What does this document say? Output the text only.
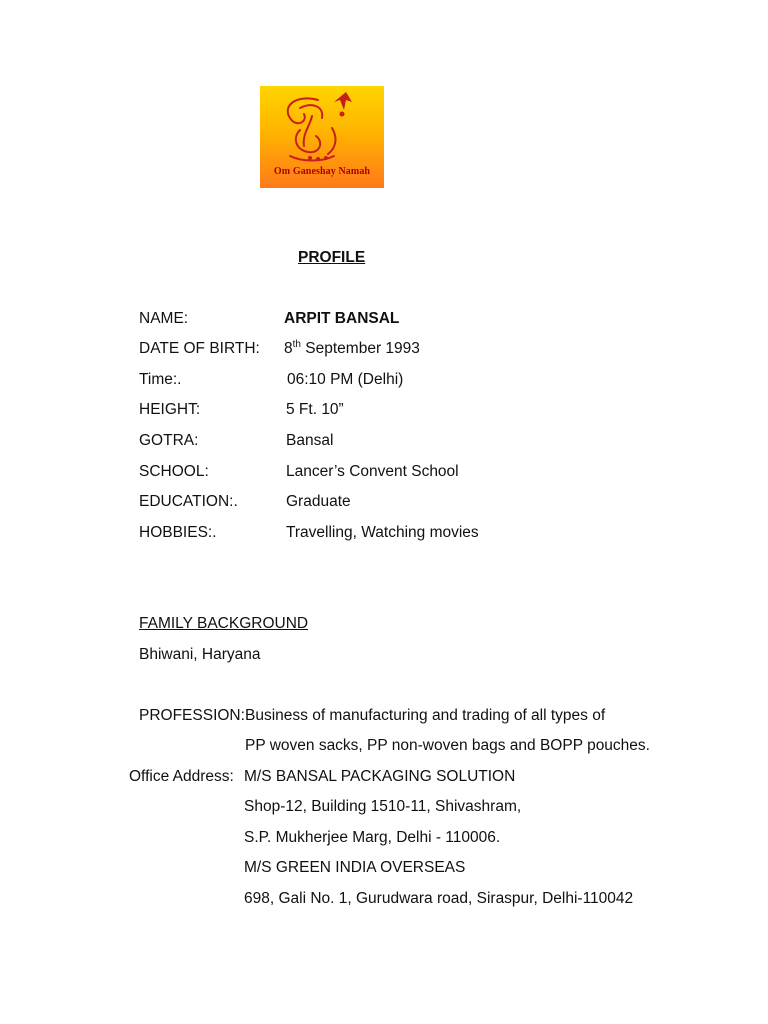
Om Ganeshay Namah
PROFILE
NAME:	ARPIT BANSAL
DATE OF BIRTH: 8th September 1993
Time:.	06:10 PM (Delhi)
HEIGHT:	5 Ft. 10”
GOTRA:	Bansal
SCHOOL:	Lancer’s Convent School
EDUCATION:.	Graduate
HOBBIES:.	Travelling, Watching movies
FAMILY BACKGROUND
Bhiwani, Haryana
PROFESSION: Business of manufacturing and trading of all types of
PP woven sacks, PP non-woven bags and BOPP pouches.
Office Address: M/S BANSAL PACKAGING SOLUTION
Shop-12, Building 1510-11, Shivashram,
S.P. Mukherjee Marg, Delhi - 110006.
M/S GREEN INDIA OVERSEAS
698, Gali No. 1, Gurudwara road, Siraspur, Delhi-110042
